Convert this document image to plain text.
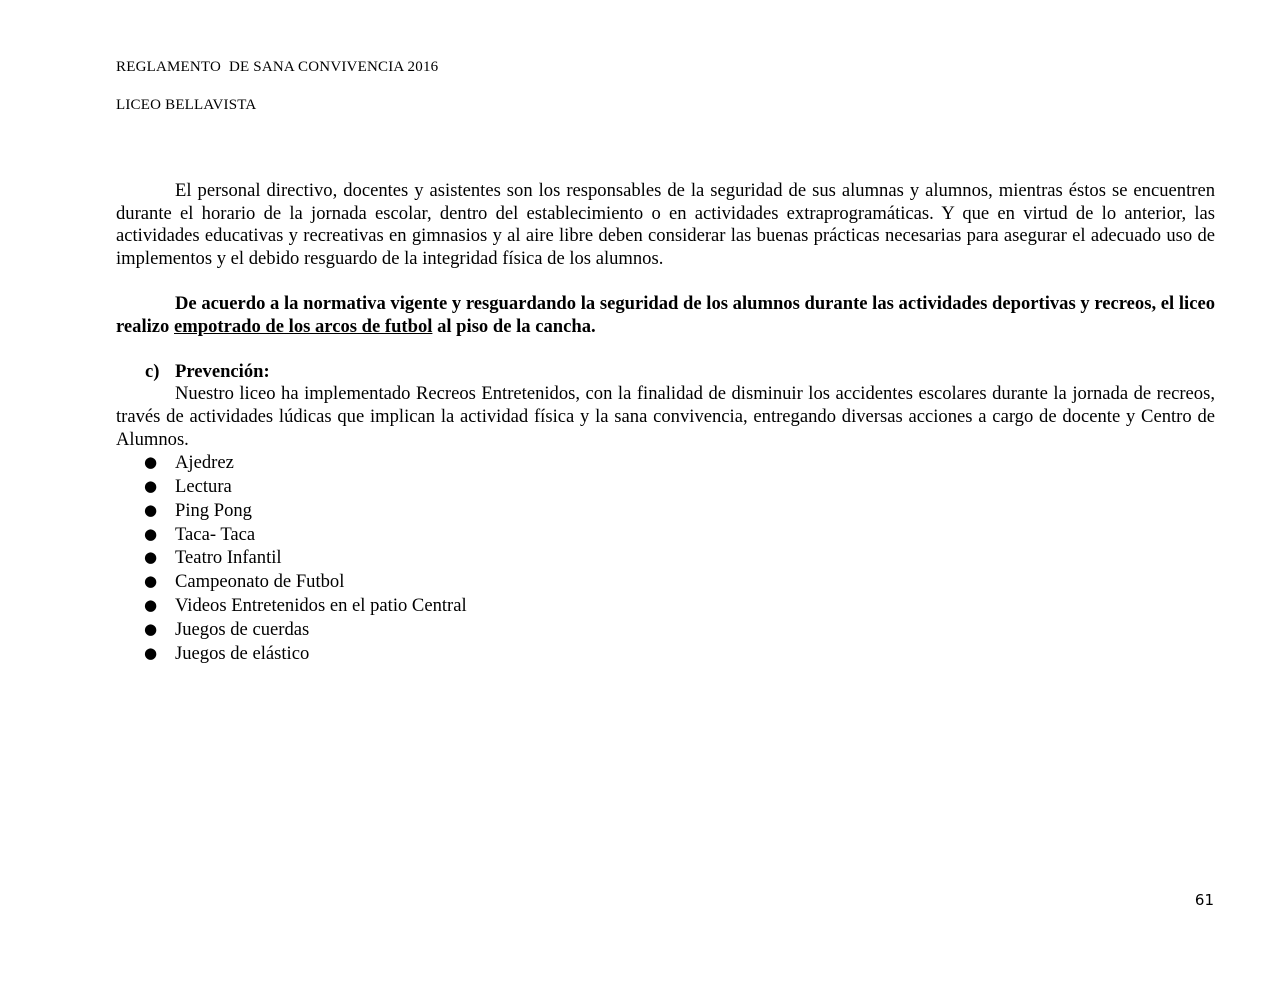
REGLAMENTO  DE SANA CONVIVENCIA 2016
LICEO BELLAVISTA

El personal directivo, docentes y asistentes son los responsables de la seguridad de sus alumnas y alumnos, mientras éstos se encuentren durante el horario de la jornada escolar, dentro del establecimiento o en actividades extraprogramáticas. Y que en virtud de lo anterior, las actividades educativas y recreativas en gimnasios y al aire libre deben considerar las buenas prácticas necesarias para asegurar el adecuado uso de implementos y el debido resguardo de la integridad física de los alumnos.

De acuerdo a la normativa vigente y resguardando la seguridad de los alumnos durante las actividades deportivas y recreos, el liceo realizo empotrado de los arcos de futbol al piso de la cancha.

c) Prevención:

Nuestro liceo ha implementado Recreos Entretenidos, con la finalidad de disminuir los accidentes escolares durante la jornada de recreos, través de actividades lúdicas que implican la actividad física y la sana convivencia, entregando diversas acciones a cargo de docente y Centro de Alumnos.

● Ajedrez
● Lectura
● Ping Pong
● Taca- Taca
● Teatro Infantil
● Campeonato de Futbol
● Videos Entretenidos en el patio Central
● Juegos de cuerdas
● Juegos de elástico
61
